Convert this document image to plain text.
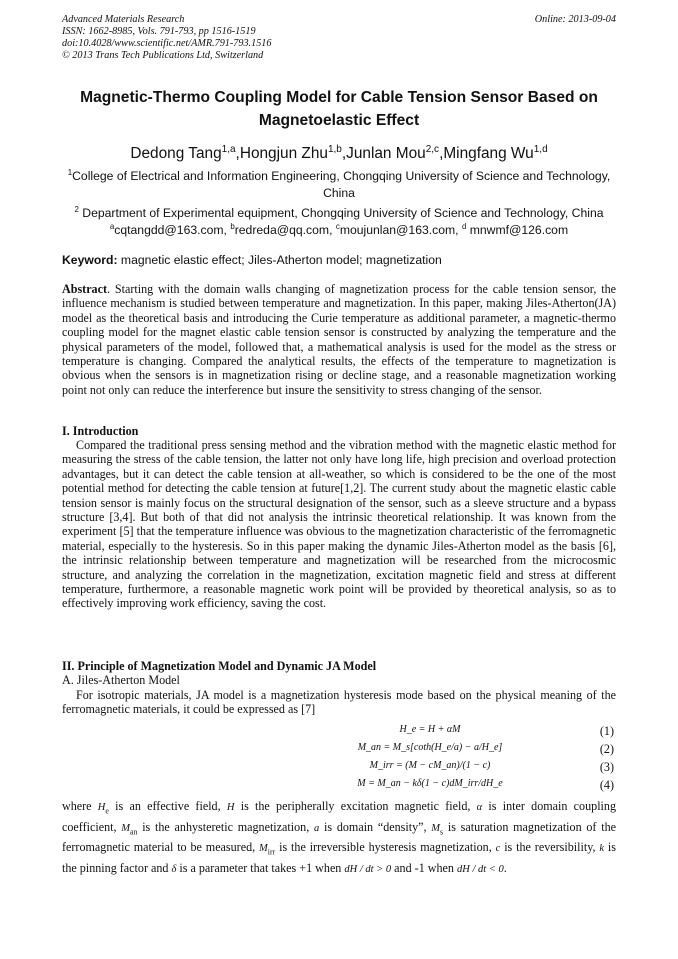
Advanced Materials Research
ISSN: 1662-8985, Vols. 791-793, pp 1516-1519
doi:10.4028/www.scientific.net/AMR.791-793.1516
© 2013 Trans Tech Publications Ltd, Switzerland
Online: 2013-09-04
Magnetic-Thermo Coupling Model for Cable Tension Sensor Based on
Magnetoelastic Effect
Dedong Tang$^{1,a}$,Hongjun Zhu$^{1,b}$,Junlan Mou$^{2,c}$,Mingfang Wu$^{1,d}$
$^1$College of Electrical and Information Engineering, Chongqing University of Science and Technology, China
$^2$ Department of Experimental equipment, Chongqing University of Science and Technology, China
$^a$cqtangdd@163.com, $^b$redreda@qq.com, $^c$moujunlan@163.com, $^d$ mnwmf@126.com
Keyword: magnetic elastic effect; Jiles-Atherton model; magnetization
Abstract. Starting with the domain walls changing of magnetization process for the cable tension sensor, the influence mechanism is studied between temperature and magnetization. In this paper, making Jiles-Atherton(JA) model as the theoretical basis and introducing the Curie temperature as additional parameter, a magnetic-thermo coupling model for the magnet elastic cable tension sensor is constructed by analyzing the temperature and the physical parameters of the model, followed that, a mathematical analysis is used for the model as the stress or temperature is changing. Compared the analytical results, the effects of the temperature to magnetization is obvious when the sensors is in magnetization rising or decline stage, and a reasonable magnetization working point not only can reduce the interference but insure the sensitivity to stress changing of the sensor.
I. Introduction
Compared the traditional press sensing method and the vibration method with the magnetic elastic method for measuring the stress of the cable tension, the latter not only have long life, high precision and overload protection advantages, but it can detect the cable tension at all-weather, so which is considered to be the one of the most potential method for detecting the cable tension at future[1,2]. The current study about the magnetic elastic cable tension sensor is mainly focus on the structural designation of the sensor, such as a sleeve structure and a bypass structure [3,4]. But both of that did not analysis the intrinsic theoretical relationship. It was known from the experiment [5] that the temperature influence was obvious to the magnetization characteristic of the ferromagnetic material, especially to the hysteresis. So in this paper making the dynamic Jiles-Atherton model as the basis [6], the intrinsic relationship between temperature and magnetization will be researched from the microcosmic structure, and analyzing the correlation in the magnetization, excitation magnetic field and stress at different temperature, furthermore, a reasonable magnetic work point will be provided by theoretical analysis, so as to effectively improving work efficiency, saving the cost.
II. Principle of Magnetization Model and Dynamic JA Model
A. Jiles-Atherton Model
For isotropic materials, JA model is a magnetization hysteresis mode based on the physical meaning of the ferromagnetic materials, it could be expressed as [7]
H_e = H + αM	(1)
M_an = M_s[coth(H_e/a) − a/H_e]	(2)
M_irr = (M − cM_an)/(1 − c)	(3)
M = M_an − kδ(1 − c)dM_irr/dH_e	(4)
where $H_e$ is an effective field, H is the peripherally excitation magnetic field, α is inter domain coupling coefficient, $M_{an}$ is the anhysteretic magnetization, a is domain “density”, $M_s$ is saturation magnetization of the ferromagnetic material to be measured, $M_{irr}$ is the irreversible hysteresis magnetization, c is the reversibility, k is the pinning factor and δ is a parameter that takes +1 when dH / dt > 0 and -1 when dH / dt < 0.
